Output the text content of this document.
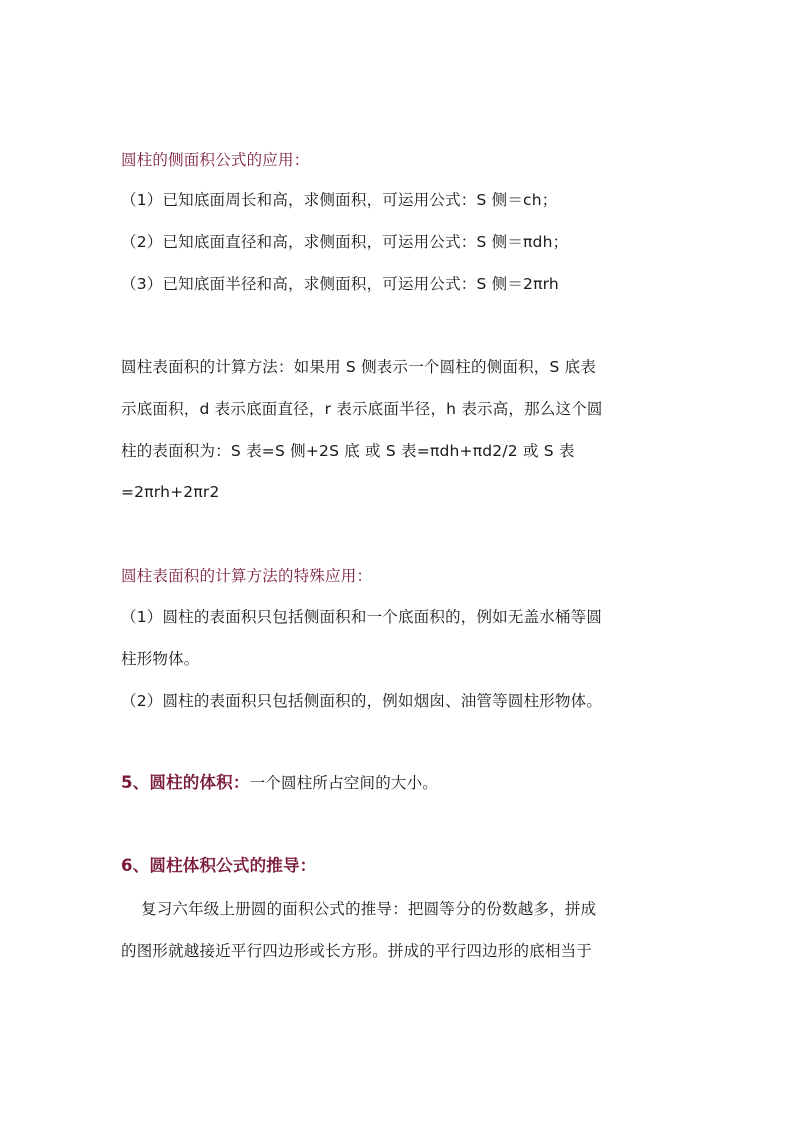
圆柱的侧面积公式的应用：
（1）已知底面周长和高，求侧面积，可运用公式：S 侧＝ch；
（2）已知底面直径和高，求侧面积，可运用公式：S 侧＝πdh；
（3）已知底面半径和高，求侧面积，可运用公式：S 侧＝2πrh
圆柱表面积的计算方法：如果用 S 侧表示一个圆柱的侧面积，S 底表
示底面积，d 表示底面直径，r 表示底面半径，h 表示高，那么这个圆
柱的表面积为：S 表=S 侧+2S 底 或 S 表=πdh+πd2/2 或 S 表
=2πrh+2πr2
圆柱表面积的计算方法的特殊应用：
（1）圆柱的表面积只包括侧面积和一个底面积的，例如无盖水桶等圆
柱形物体。
（2）圆柱的表面积只包括侧面积的，例如烟囱、油管等圆柱形物体。
5、圆柱的体积：一个圆柱所占空间的大小。
6、圆柱体积公式的推导：
复习六年级上册圆的面积公式的推导：把圆等分的份数越多，拼成
的图形就越接近平行四边形或长方形。拼成的平行四边形的底相当于
